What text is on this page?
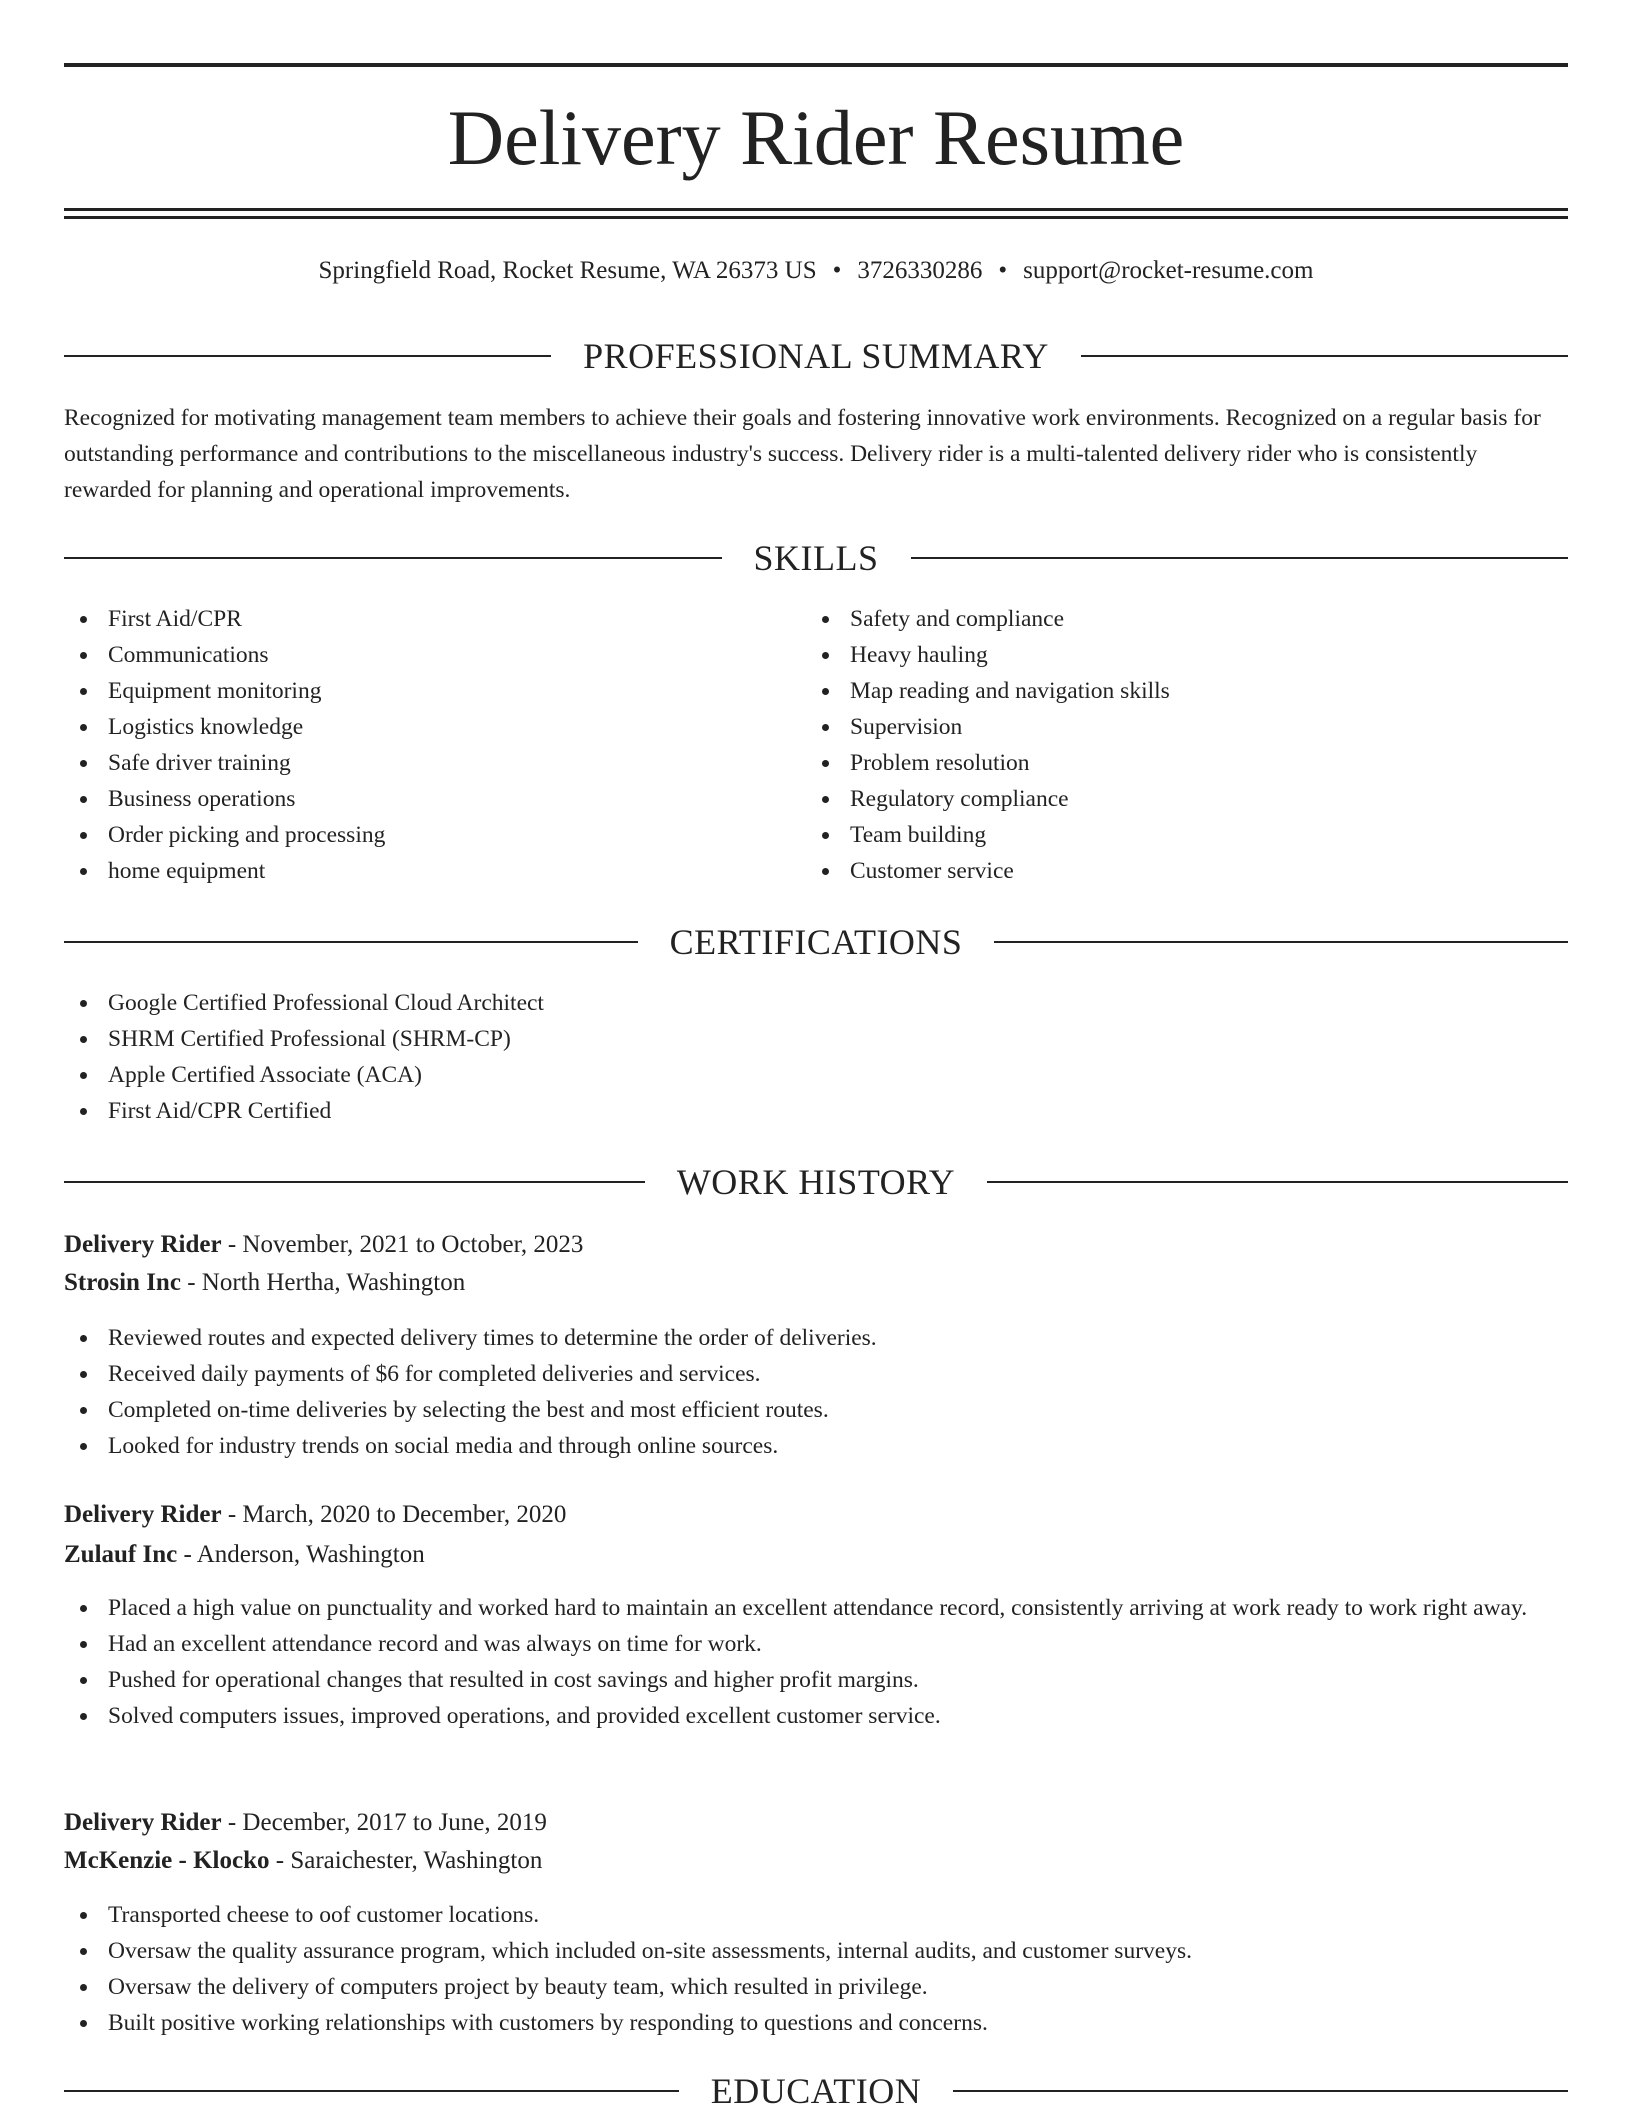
Delivery Rider Resume
Springfield Road, Rocket Resume, WA 26373 US • 3726330286 • support@rocket-resume.com
PROFESSIONAL SUMMARY

Recognized for motivating management team members to achieve their goals and fostering innovative work environments. Recognized on a regular basis for outstanding performance and contributions to the miscellaneous industry's success. Delivery rider is a multi-talented delivery rider who is consistently rewarded for planning and operational improvements.

SKILLS
First Aid/CPR
Communications
Equipment monitoring
Logistics knowledge
Safe driver training
Business operations
Order picking and processing
home equipment
Safety and compliance
Heavy hauling
Map reading and navigation skills
Supervision
Problem resolution
Regulatory compliance
Team building
Customer service
CERTIFICATIONS
Google Certified Professional Cloud Architect
SHRM Certified Professional (SHRM-CP)
Apple Certified Associate (ACA)
First Aid/CPR Certified
WORK HISTORY
Delivery Rider - November, 2021 to October, 2023
Strosin Inc - North Hertha, Washington
Reviewed routes and expected delivery times to determine the order of deliveries.
Received daily payments of $6 for completed deliveries and services.
Completed on-time deliveries by selecting the best and most efficient routes.
Looked for industry trends on social media and through online sources.
Delivery Rider - March, 2020 to December, 2020
Zulauf Inc - Anderson, Washington
Placed a high value on punctuality and worked hard to maintain an excellent attendance record, consistently arriving at work ready to work right away.
Had an excellent attendance record and was always on time for work.
Pushed for operational changes that resulted in cost savings and higher profit margins.
Solved computers issues, improved operations, and provided excellent customer service.
Delivery Rider - December, 2017 to June, 2019
McKenzie - Klocko - Saraichester, Washington
Transported cheese to oof customer locations.
Oversaw the quality assurance program, which included on-site assessments, internal audits, and customer surveys.
Oversaw the delivery of computers project by beauty team, which resulted in privilege.
Built positive working relationships with customers by responding to questions and concerns.
EDUCATION
